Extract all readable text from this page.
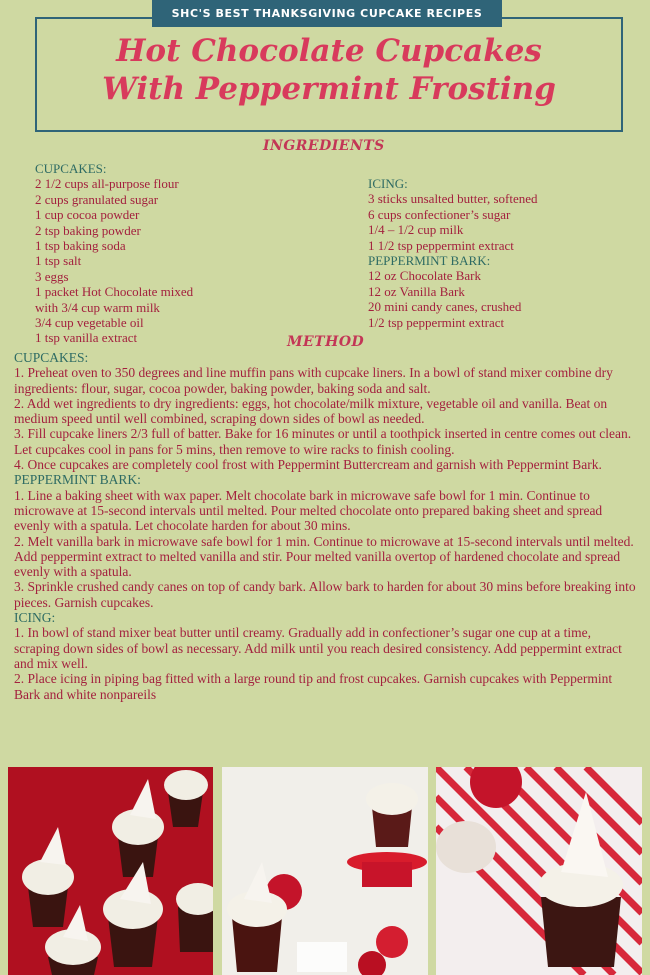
SHC'S BEST THANKSGIVING CUPCAKE RECIPES
Hot Chocolate Cupcakes
With Peppermint Frosting
INGREDIENTS
CUPCAKES:
2 1/2 cups all-purpose flour
2 cups granulated sugar
1 cup cocoa powder
2 tsp baking powder
1 tsp baking soda
1 tsp salt
3 eggs
1 packet Hot Chocolate mixed
with 3/4 cup warm milk
3/4 cup vegetable oil
1 tsp vanilla extract
ICING:
3 sticks unsalted butter, softened
6 cups confectioner’s sugar
1/4 – 1/2 cup milk
1 1/2 tsp peppermint extract
PEPPERMINT BARK:
12 oz Chocolate Bark
12 oz Vanilla Bark
20 mini candy canes, crushed
1/2 tsp peppermint extract
METHOD

CUPCAKES:

1. Preheat oven to 350 degrees and line muffin pans with cupcake liners. In a bowl of stand mixer combine dry ingredients: flour, sugar, cocoa powder, baking powder, baking soda and salt.

2. Add wet ingredients to dry ingredients: eggs, hot chocolate/milk mixture, vegetable oil and vanilla. Beat on medium speed until well combined, scraping down sides of bowl as needed.

3. Fill cupcake liners 2/3 full of batter. Bake for 16 minutes or until a toothpick inserted in centre comes out clean. Let cupcakes cool in pans for 5 mins, then remove to wire racks to finish cooling.

4. Once cupcakes are completely cool frost with Peppermint Buttercream and garnish with Peppermint Bark.

PEPPERMINT BARK:

1. Line a baking sheet with wax paper. Melt chocolate bark in microwave safe bowl for 1 min. Continue to microwave at 15-second intervals until melted. Pour melted chocolate onto prepared baking sheet and spread evenly with a spatula. Let chocolate harden for about 30 mins.

2. Melt vanilla bark in microwave safe bowl for 1 min. Continue to microwave at 15-second intervals until melted.

Add peppermint extract to melted vanilla and stir. Pour melted vanilla overtop of hardened chocolate and spread evenly with a spatula.

3. Sprinkle crushed candy canes on top of candy bark. Allow bark to harden for about 30 mins before breaking into pieces. Garnish cupcakes.

ICING:

1. In bowl of stand mixer beat butter until creamy. Gradually add in confectioner’s sugar one cup at a time, scraping down sides of bowl as necessary. Add milk until you reach desired consistency. Add peppermint extract and mix well.

2. Place icing in piping bag fitted with a large round tip and frost cupcakes. Garnish cupcakes with Peppermint Bark and white nonpareils
